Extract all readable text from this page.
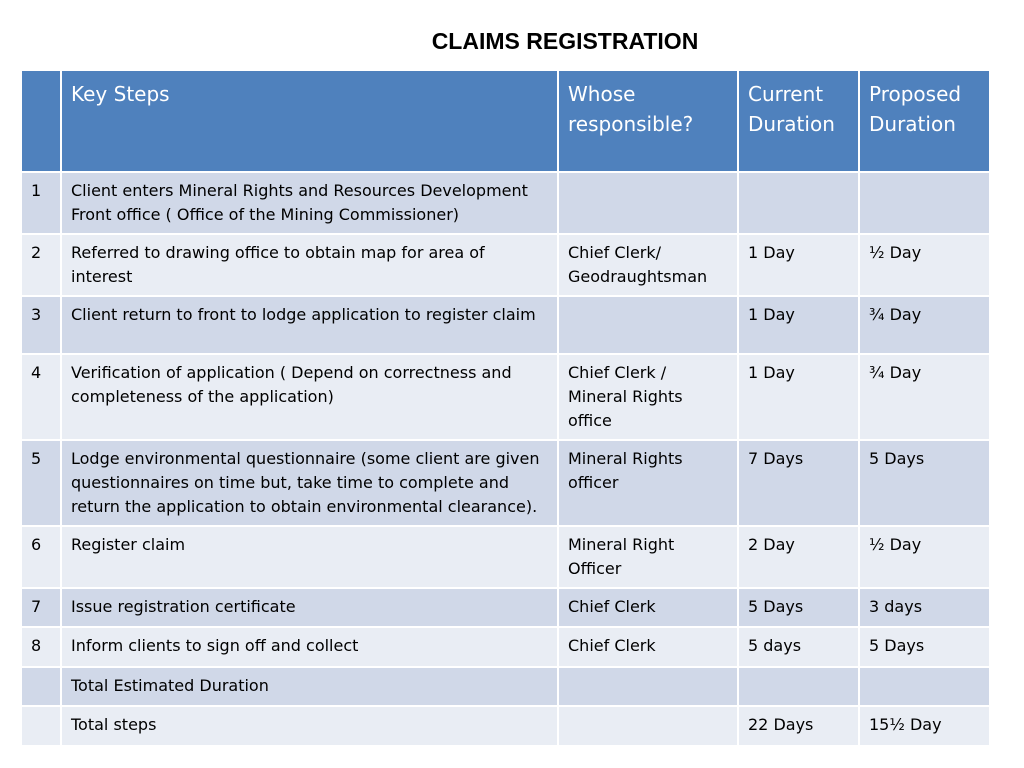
CLAIMS REGISTRATION
	Key Steps	Whose responsible?	Current Duration	Proposed Duration
1	Client enters Mineral Rights and Resources Development Front office ( Office of the Mining Commissioner)			
2	Referred to drawing office to obtain map for area of interest	Chief Clerk/ Geodraughtsman	1 Day	½ Day
3	Client return to front to lodge application to register claim		1 Day	¾ Day
4	Verification of application ( Depend on correctness and completeness of the application)	Chief Clerk / Mineral Rights office	1 Day	¾ Day
5	Lodge environmental questionnaire (some client are given questionnaires on time but, take time to complete and return the application to obtain environmental clearance).	Mineral Rights officer	7 Days	5 Days
6	Register claim	Mineral Right Officer	2 Day	½ Day
7	Issue registration certificate	Chief Clerk	5 Days	3 days
8	Inform clients to sign off and collect	Chief Clerk	5 days	5 Days
	Total Estimated Duration			
	Total steps		22 Days	15½ Day
